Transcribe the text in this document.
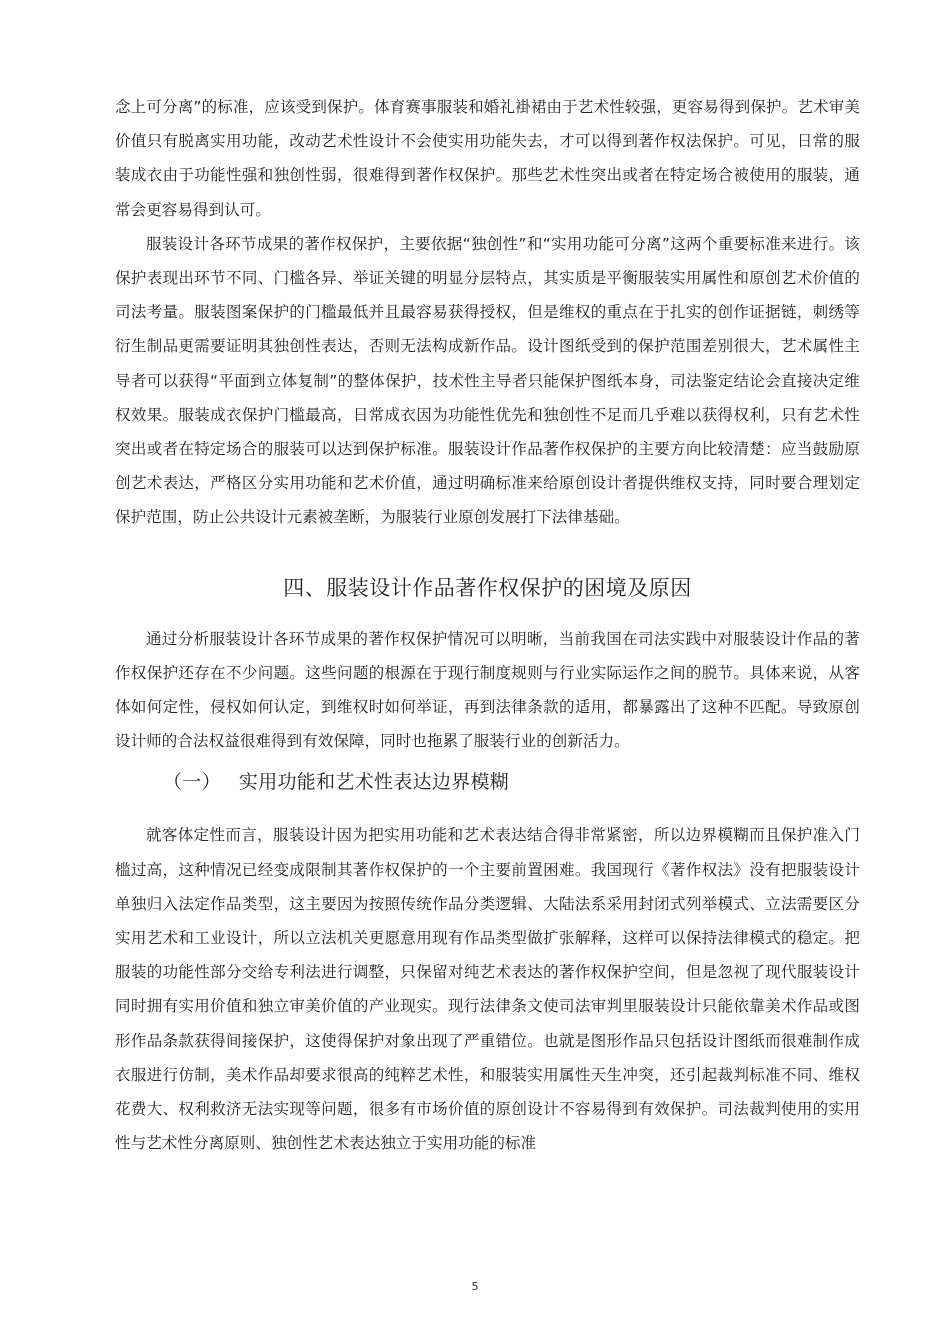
念上可分离”的标准，应该受到保护。体育赛事服装和婚礼褂裙由于艺术性较强，更容易得到保护。艺术审美价值只有脱离实用功能，改动艺术性设计不会使实用功能失去，才可以得到著作权法保护。可见，日常的服装成衣由于功能性强和独创性弱，很难得到著作权保护。那些艺术性突出或者在特定场合被使用的服装，通常会更容易得到认可。

服装设计各环节成果的著作权保护，主要依据“独创性”和“实用功能可分离”这两个重要标准来进行。该保护表现出环节不同、门槛各异、举证关键的明显分层特点，其实质是平衡服装实用属性和原创艺术价值的司法考量。服装图案保护的门槛最低并且最容易获得授权，但是维权的重点在于扎实的创作证据链，刺绣等衍生制品更需要证明其独创性表达，否则无法构成新作品。设计图纸受到的保护范围差别很大，艺术属性主导者可以获得“平面到立体复制”的整体保护，技术性主导者只能保护图纸本身，司法鉴定结论会直接决定维权效果。服装成衣保护门槛最高，日常成衣因为功能性优先和独创性不足而几乎难以获得权利，只有艺术性突出或者在特定场合的服装可以达到保护标准。服装设计作品著作权保护的主要方向比较清楚：应当鼓励原创艺术表达，严格区分实用功能和艺术价值，通过明确标准来给原创设计者提供维权支持，同时要合理划定保护范围，防止公共设计元素被垄断，为服装行业原创发展打下法律基础。

四、服装设计作品著作权保护的困境及原因

通过分析服装设计各环节成果的著作权保护情况可以明晰，当前我国在司法实践中对服装设计作品的著作权保护还存在不少问题。这些问题的根源在于现行制度规则与行业实际运作之间的脱节。具体来说，从客体如何定性，侵权如何认定，到维权时如何举证，再到法律条款的适用，都暴露出了这种不匹配。导致原创设计师的合法权益很难得到有效保障，同时也拖累了服装行业的创新活力。

（一） 实用功能和艺术性表达边界模糊

就客体定性而言，服装设计因为把实用功能和艺术表达结合得非常紧密，所以边界模糊而且保护准入门槛过高，这种情况已经变成限制其著作权保护的一个主要前置困难。我国现行《著作权法》没有把服装设计单独归入法定作品类型，这主要因为按照传统作品分类逻辑、大陆法系采用封闭式列举模式、立法需要区分实用艺术和工业设计，所以立法机关更愿意用现有作品类型做扩张解释，这样可以保持法律模式的稳定。把服装的功能性部分交给专利法进行调整，只保留对纯艺术表达的著作权保护空间，但是忽视了现代服装设计同时拥有实用价值和独立审美价值的产业现实。现行法律条文使司法审判里服装设计只能依靠美术作品或图形作品条款获得间接保护，这使得保护对象出现了严重错位。也就是图形作品只包括设计图纸而很难制作成衣服进行仿制，美术作品却要求很高的纯粹艺术性，和服装实用属性天生冲突，还引起裁判标准不同、维权花费大、权利救济无法实现等问题，很多有市场价值的原创设计不容易得到有效保护。司法裁判使用的实用性与艺术性分离原则、独创性艺术表达独立于实用功能的标准

5
